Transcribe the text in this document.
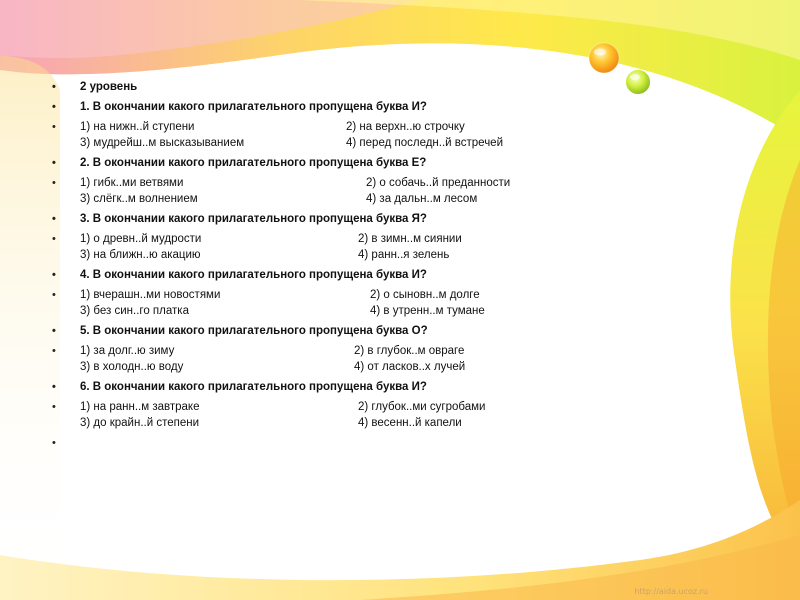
•	2 уровень
•	1. В окончании какого прилагательного пропущена буква И?
•	1) на нижн..й ступени	2) на верхн..ю строчку
3) мудрейш..м высказыванием	4) перед последн..й встречей
•	2. В окончании какого прилагательного пропущена буква Е?
•	1) гибк..ми ветвями	2) о собачь..й преданности
3) слёгк..м волнением	4) за дальн..м лесом
•	3. В окончании какого прилагательного пропущена буква Я?
•	1) о древн..й мудрости	2) в зимн..м сиянии
3) на ближн..ю акацию	4) ранн..я зелень
•	4. В окончании какого прилагательного пропущена буква И?
•	1) вчерашн..ми новостями	2) о сыновн..м долге
3) без син..го платка	4) в утренн..м тумане
•	5. В окончании какого прилагательного пропущена буква О?
•	1) за долг..ю зиму	2) в глубок..м овраге
3) в холодн..ю воду	4) от ласков..х лучей
•	6. В окончании какого прилагательного пропущена буква И?
•	1) на ранн..м завтраке	2) глубок..ми сугробами
3) до крайн..й степени	4) весенн..й капели
•
http://aida.ucoz.ru
